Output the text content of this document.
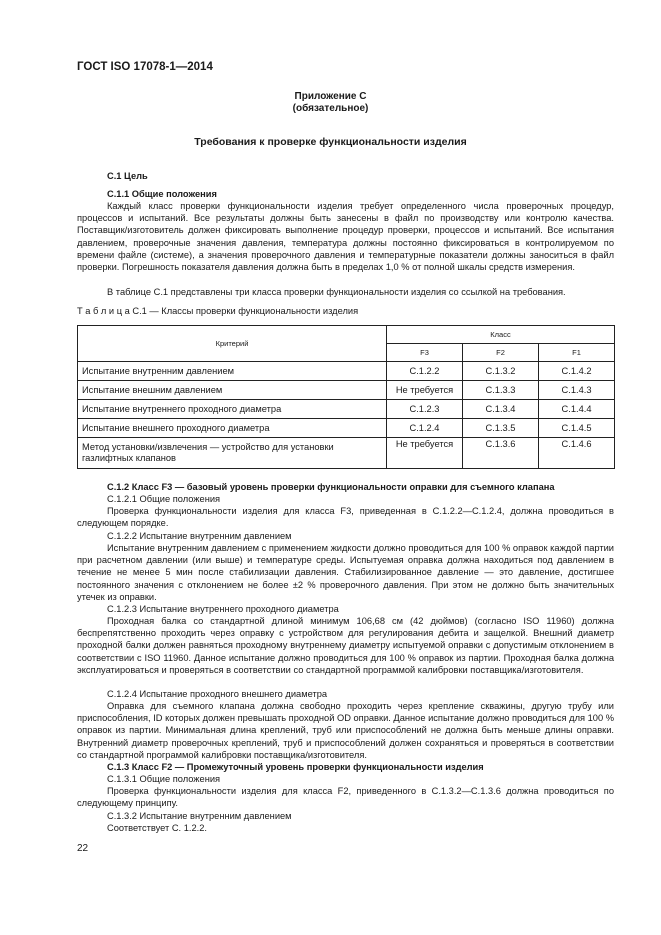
ГОСТ ISO 17078-1—2014
Приложение С
(обязательное)
Требования к проверке функциональности изделия
С.1 Цель
С.1.1 Общие положения
Каждый класс проверки функциональности изделия требует определенного числа проверочных процедур, процессов и испытаний. Все результаты должны быть занесены в файл по производству или контролю качества. Поставщик/изготовитель должен фиксировать выполнение процедур проверки, процессов и испытаний. Все испытания давлением, проверочные значения давления, температура должны постоянно фиксироваться в контролируемом по времени файле (системе), а значения проверочного давления и температурные показатели должны заноситься в файл проверки. Погрешность показателя давления должна быть в пределах 1,0 % от полной шкалы средств измерения.
В таблице С.1 представлены три класса проверки функциональности изделия со ссылкой на требования.
Т а б л и ц а С.1 — Классы проверки функциональности изделия
Критерий	Класс		
	F3	F2	F1
Испытание внутренним давлением	С.1.2.2	С.1.3.2	С.1.4.2
Испытание внешним давлением	Не требуется	С.1.3.3	С.1.4.3
Испытание внутреннего проходного диаметра	С.1.2.3	С.1.3.4	С.1.4.4
Испытание внешнего проходного диаметра	С.1.2.4	С.1.3.5	С.1.4.5
Метод установки/извлечения — устройство для установки газлифтных клапанов	Не требуется	С.1.3.6	С.1.4.6
С.1.2 Класс F3 — базовый уровень проверки функциональности оправки для съемного клапана
С.1.2.1 Общие положения
Проверка функциональности изделия для класса F3, приведенная в С.1.2.2—С.1.2.4, должна проводиться в следующем порядке.
С.1.2.2 Испытание внутренним давлением
Испытание внутренним давлением с применением жидкости должно проводиться для 100 % оправок каждой партии при расчетном давлении (или выше) и температуре среды. Испытуемая оправка должна находиться под давлением в течение не менее 5 мин после стабилизации давления. Стабилизированное давление — это давление, достигшее постоянного значения с отклонением не более ±2 % проверочного давления. При этом не должно быть значительных утечек из оправки.
С.1.2.3 Испытание внутреннего проходного диаметра
Проходная балка со стандартной длиной минимум 106,68 см (42 дюймов) (согласно ISO 11960) должна беспрепятственно проходить через оправку с устройством для регулирования дебита и защелкой. Внешний диаметр проходной балки должен равняться проходному внутреннему диаметру испытуемой оправки с допустимым отклонением в соответствии с ISO 11960. Данное испытание должно проводиться для 100 % оправок из партии. Проходная балка должна эксплуатироваться и проверяться в соответствии со стандартной программой калибровки поставщика/изготовителя.
С.1.2.4 Испытание проходного внешнего диаметра
Оправка для съемного клапана должна свободно проходить через крепление скважины, другую трубу или приспособления, ID которых должен превышать проходной OD оправки. Данное испытание должно проводиться для 100 % оправок из партии. Минимальная длина креплений, труб или приспособлений не должна быть меньше длины оправки. Внутренний диаметр проверочных креплений, труб и приспособлений должен сохраняться и проверяться в соответствии со стандартной программой калибровки поставщика/изготовителя.
С.1.3 Класс F2 — Промежуточный уровень проверки функциональности изделия
С.1.3.1 Общие положения
Проверка функциональности изделия для класса F2, приведенного в С.1.3.2—С.1.3.6 должна проводиться по следующему принципу.
С.1.3.2 Испытание внутренним давлением
Соответствует С. 1.2.2.
22
